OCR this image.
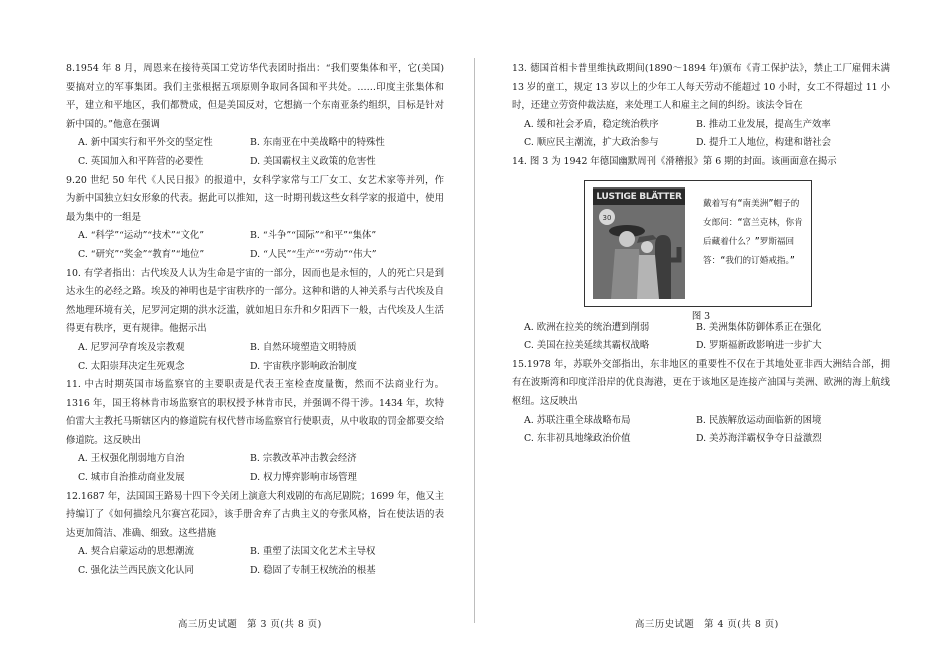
8.1954 年 8 月，周恩来在接待英国工党访华代表团时指出：“我们要集体和平，它(美国)要搞对立的军事集团。我们主张根据五项原则争取同各国和平共处。……印度主张集体和平，建立和平地区，我们都赞成，但是美国反对，它想搞一个东南亚条约组织，目标是针对新中国的。”他意在强调
A. 新中国实行和平外交的坚定性	B. 东南亚在中美战略中的特殊性
C. 英国加入和平阵营的必要性	D. 美国霸权主义政策的危害性
9.20 世纪 50 年代《人民日报》的报道中，女科学家常与工厂女工、女艺术家等并列，作为新中国独立妇女形象的代表。据此可以推知，这一时期刊载这些女科学家的报道中，使用最为集中的一组是
A. “科学”“运动”“技术”“文化”	B. “斗争”“国际”“和平”“集体”
C. “研究”“奖金”“教育”“地位”	D. “人民”“生产”“劳动”“伟大”
10. 有学者指出：古代埃及人认为生命是宇宙的一部分，因而也是永恒的，人的死亡只是到达永生的必经之路。埃及的神明也是宇宙秩序的一部分。这种和谐的人神关系与古代埃及自然地理环境有关，尼罗河定期的洪水泛滥，就如旭日东升和夕阳西下一般，古代埃及人生活得更有秩序，更有规律。他据示出
A. 尼罗河孕育埃及宗教观	B. 自然环境塑造文明特质
C. 太阳崇拜决定生死观念	D. 宇宙秩序影响政治制度
11. 中古时期英国市场监察官的主要职责是代表王室检查度量衡，然而不法商业行为。1316 年，国王将林肯市场监察官的职权授予林肯市民，并强调不得干涉。1434 年，坎特伯雷大主教托马斯辖区内的修道院有权代替市场监察官行使职责，从中收取的罚金都要交给修道院。这反映出
A. 王权强化削弱地方自治	B. 宗教改革冲击教会经济
C. 城市自治推动商业发展	D. 权力博弈影响市场管理
12.1687 年，法国国王路易十四下令关闭上演意大利戏剧的布高尼剧院；1699 年，他又主持编订了《如何描绘凡尔赛宫花园》，该手册舍弃了古典主义的夸张风格，旨在使法语的表达更加简洁、准确、细致。这些措施
A. 契合启蒙运动的思想潮流	B. 重塑了法国文化艺术主导权
C. 强化法兰西民族文化认同	D. 稳固了专制王权统治的根基
高三历史试题　第 3 页(共 8 页)
13. 德国首相卡普里维执政期间(1890～1894 年)颁布《青工保护法》，禁止工厂雇佣未满 13 岁的童工，规定 13 岁以上的少年工人每天劳动不能超过 10 小时，女工不得超过 11 小时，还建立劳资仲裁法庭，来处理工人和雇主之间的纠纷。该法令旨在
A. 缓和社会矛盾，稳定统治秩序	B. 推动工业发展，提高生产效率
C. 顺应民主潮流，扩大政治参与	D. 提升工人地位，构建和谐社会
14. 图 3 为 1942 年德国幽默周刊《滑稽报》第 6 期的封面。该画面意在揭示
LUSTIGE BLÄTTER
30
戴着写有“南美洲”帽子的女郎问：“富兰克林，你肯后藏着什么？”罗斯福回答：“我们的订婚戒指。”
图 3
A. 欧洲在拉美的统治遭到削弱	B. 美洲集体防御体系正在强化
C. 美国在拉美延续其霸权战略	D. 罗斯福新政影响进一步扩大
15.1978 年，苏联外交部指出，东非地区的重要性不仅在于其地处亚非西大洲结合部，拥有在波斯湾和印度洋沿岸的优良海港，更在于该地区是连接产油国与美洲、欧洲的海上航线枢纽。这反映出
A. 苏联注重全球战略布局	B. 民族解放运动面临新的困境
C. 东非初具地缘政治价值	D. 美苏海洋霸权争夺日益激烈
高三历史试题　第 4 页(共 8 页)
